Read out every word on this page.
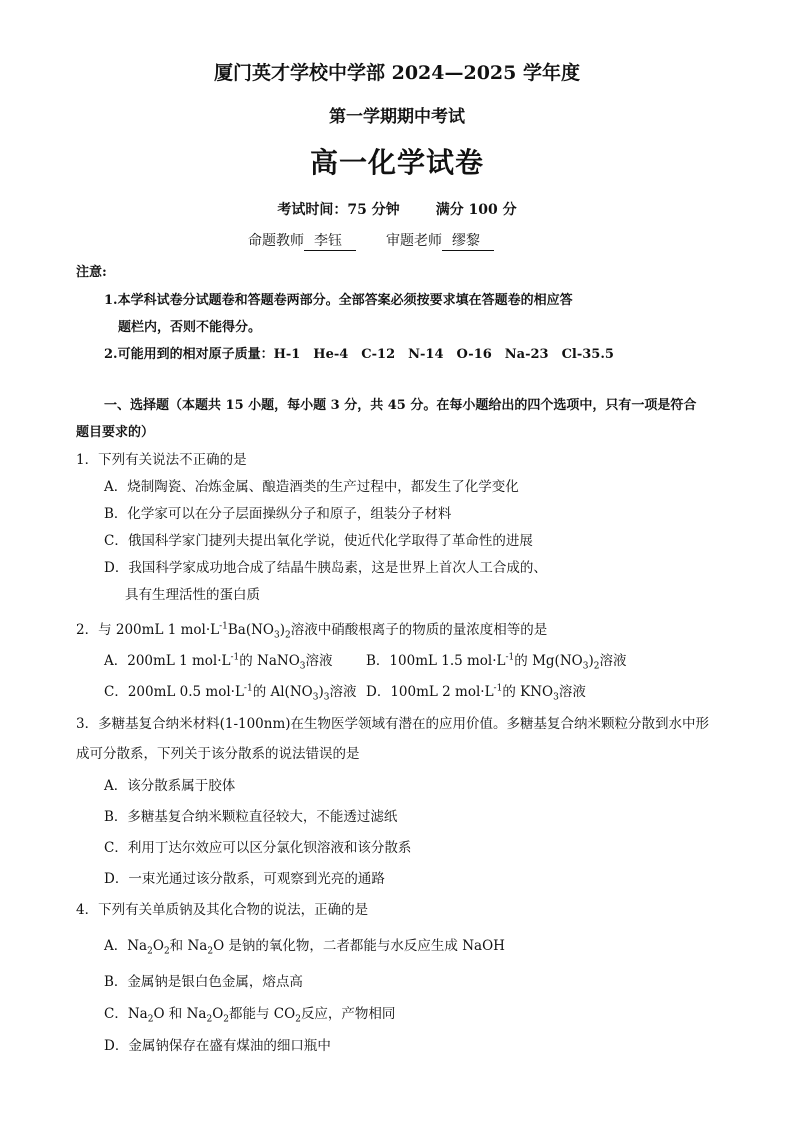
厦门英才学校中学部 2024—2025 学年度
第一学期期中考试
高一化学试卷
考试时间：75 分钟	满分 100 分
命题教师 李钰	审题老师 缪黎
注意:
1.本学科试卷分试题卷和答题卷两部分。全部答案必须按要求填在答题卷的相应答
题栏内，否则不能得分。
2.可能用到的相对原子质量：H-1　He-4　C-12　N-14　O-16　Na-23　Cl-35.5
一、选择题（本题共 15 小题，每小题 3 分，共 45 分。在每小题给出的四个选项中，只有一项是符合
题目要求的）
1．下列有关说法不正确的是
A．烧制陶瓷、冶炼金属、酿造酒类的生产过程中，都发生了化学变化
B．化学家可以在分子层面操纵分子和原子，组装分子材料
C．俄国科学家门捷列夫提出氧化学说，使近代化学取得了革命性的进展
D．我国科学家成功地合成了结晶牛胰岛素，这是世界上首次人工合成的、
具有生理活性的蛋白质
2．与 200mL 1 $mol\cdot L^{-1}Ba(NO_3)_2$溶液中硝酸根离子的物质的量浓度相等的是
A．200mL 1 $mol\cdot L^{-1}$的 NaNO$_3$溶液 B．100mL 1.5 $mol\cdot L^{-1}$的 $Mg(NO_3)_2$溶液
C．200mL 0.5 $mol\cdot L^{-1}$的 $Al(NO_3)_3$溶液 D．100mL 2 $mol\cdot L^{-1}$的 $KNO_3$溶液
3．多糖基复合纳米材料(1-100nm)在生物医学领域有潜在的应用价值。多糖基复合纳米颗粒分散到水中形
成可分散系，下列关于该分散系的说法错误的是
A．该分散系属于胶体
B．多糖基复合纳米颗粒直径较大，不能透过滤纸
C．利用丁达尔效应可以区分氯化钡溶液和该分散系
D．一束光通过该分散系，可观察到光亮的通路
4．下列有关单质钠及其化合物的说法，正确的是
A．$Na_2O_2$和 $Na_2O$ 是钠的氧化物，二者都能与水反应生成 NaOH
B．金属钠是银白色金属，熔点高
C．$Na_2O$ 和 $Na_2O_2$都能与 $CO_2$反应，产物相同
D．金属钠保存在盛有煤油的细口瓶中
